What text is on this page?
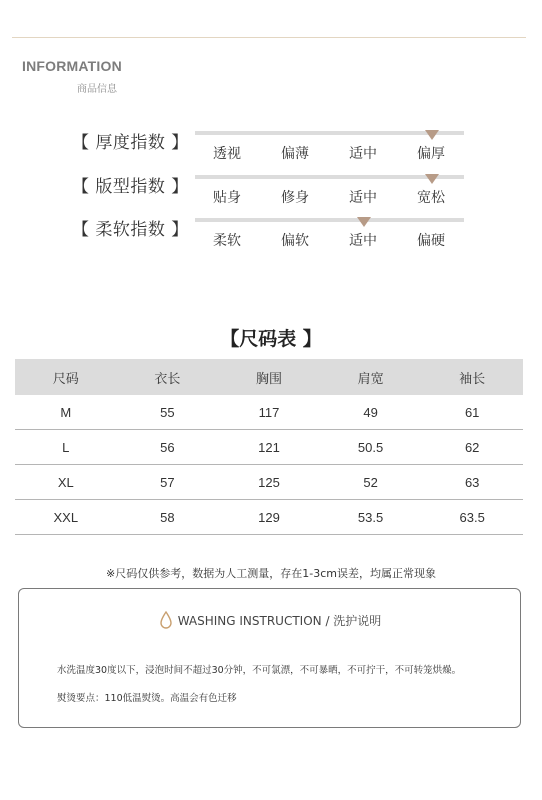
INFORMATION
商品信息
【 厚度指数 】
透视	偏薄	适中	偏厚
【 版型指数 】
贴身	修身	适中	宽松
【 柔软指数 】
柔软	偏软	适中	偏硬
【尺码表 】
尺码	衣长	胸围	肩宽	袖长
M	55	117	49	61
L	56	121	50.5	62
XL	57	125	52	63
XXL	58	129	53.5	63.5
※尺码仅供参考，数据为人工测量，存在1-3cm误差，均属正常现象
WASHING INSTRUCTION / 洗护说明
水洗温度30度以下，浸泡时间不超过30分钟，不可氯漂，不可暴晒，不可拧干，不可转笼烘燥。
熨烫要点：110低温熨烫。高温会有色迁移
